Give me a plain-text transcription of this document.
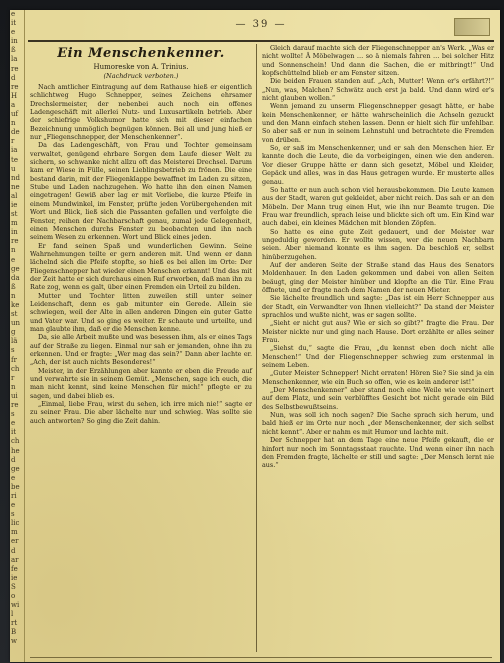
e
it
e
in
ß
la
re
d
re
H
a
uf
n
de
r
ia
te
u
nd
ne
al
ie
st
m
in
re
n
e
ge
da
ß
n
ke
st
un
g
lä
s
fr
ch
r
n
ui
re
s
e
it
ch
he
d
ge
e
be
ri
e
s
lic
m
er
d
ar
fe
ie
S
o
wi
l
rt
B
w
— 39 —
Ein Menschenkenner.
Humoreske von A. Trinius.
(Nachdruck verboten.)

Nach amtlicher Eintragung auf dem Rathause hieß er eigentlich schlichtweg Hugo Schnepper, seines Zeichens ehrsamer Drechslermeister, der nebenbei auch noch ein offenes Ladengeschäft mit allerlei Nutz- und Luxusartikeln betrieb. Aber der schiefrige Volkshumor hatte sich mit dieser einfachen Bezeichnung unmöglich begnügen können. Bei all und jung hieß er nur „Fliegenschnepper, der Menschenkenner“.

Da das Ladengeschäft, von Frau und Tochter gemeinsam verwaltet, genügend ehrbare Sorgen dem Laufe dieser Welt zu sichern, so schwanke nicht allzu oft das Meisterei Drechsel. Darum kam er Wiese in Fülle, seinen Lieblingsbetrieb zu frönen. Die eine bestand darin, mit der Fliegenklappe bewaffnet im Laden zu sitzen, Stube und Laden nachzugehen. Wo hatte ihn den einen Namen eingetragen! Gewiß aber lag er mit Vorliebe, die kurze Pfeife in einem Mundwinkel, im Fenster, prüfte jeden Vorübergehenden mit Wort und Blick, ließ sich die Passanten gefallen und verfolgte die Fenster, reihen der Nachbarschaft genau, zumal jede Gelegenheit, einen Menschen durchs Fenster zu beobachten und ihn nach seinem Wesen zu erkennen. Wort und Blick eines jeden.

Er fand seinen Spaß und wunderlichen Gewinn. Seine Wahrnehmungen teilte er gern anderen mit. Und wenn er dann lächelnd sich die Pfeife stopfte, so hieß es bei allen im Orte: Der Fliegenschnepper hat wieder einen Menschen erkannt! Und das mit der Zeit hatte er sich durchaus einen Ruf erworben, daß man ihn zu Rate zog, wenn es galt, über einen Fremden ein Urteil zu bilden.

Mutter und Tochter litten zuweilen still unter seiner Leidenschaft, denn es gab mitunter ein Gerede. Allein sie schwiegen, weil der Alte in allen anderen Dingen ein guter Gatte und Vater war. Und so ging es weiter. Er schaute und urteilte, und man glaubte ihm, daß er die Menschen kenne.

Da, sie alle Arbeit mußte und was besessen ihm, als er eines Tags auf der Straße zu liegen. Einmal nur sah er jemanden, ohne ihn zu erkennen. Und er fragte: „Wer mag das sein?“ Dann aber lachte er. „Ach, der ist auch nichts Besonderes!“

Meister, in der Erzählungen aber kannte er eben die Freude auf und verwahrte sie in seinem Gemüt. „Menschen, sage ich euch, die man nicht kennt, sind keine Menschen für mich!“ pflegte er zu sagen, und dabei blieb es.

„Einmal, liebe Frau, wirst du sehen, ich irre mich nie!“ sagte er zu seiner Frau. Die aber lächelte nur und schwieg. Was sollte sie auch antworten? So ging die Zeit dahin.

Gleich darauf machte sich der Fliegenschnepper an's Werk. „Was er nicht wollte! Ä Möbelwagen … so ä niemals fahren … bei solcher Hitz und Sonnenschein! Und dann die Sachen, die er mitbringt!“ Und kopfschüttelnd blieb er am Fenster sitzen.

Die beiden Frauen standen auf. „Ach, Mutter! Wenn er's erfährt?!“ „Nun, was, Malchen? Schwätz auch erst ja bald. Und dann wird er's nicht glauben wollen.“

Wenn jemand zu unserm Fliegenschnepper gesagt hätte, er habe kein Menschenkenner, er hätte wahrscheinlich die Achseln gezuckt und den Mann einfach stehen lassen. Denn er hielt sich für unfehlbar. So aber saß er nun in seinem Lehnstuhl und betrachtete die Fremden von drüben.

So, er saß im Menschenkenner, und er sah den Menschen hier. Er kannte doch die Leute, die da vorbeigingen, einen wie den anderen. Vor dieser Gruppe hätte er dann sich gesetzt, Möbel und Kleider, Gepäck und alles, was in das Haus getragen wurde. Er musterte alles genau.

So hatte er nun auch schon viel herausbekommen. Die Leute kamen aus der Stadt, waren gut gekleidet, aber nicht reich. Das sah er an den Möbeln. Der Mann trug einen Hut, wie ihn nur Beamte trugen. Die Frau war freundlich, sprach leise und blickte sich oft um. Ein Kind war auch dabei, ein kleines Mädchen mit blonden Zöpfen.

So hatte es eine gute Zeit gedauert, und der Meister war ungeduldig geworden. Er wollte wissen, wer die neuen Nachbarn seien. Aber niemand konnte es ihm sagen. Da beschloß er, selbst hinüberzugehen.

Auf der anderen Seite der Straße stand das Haus des Senators Moldenhauer. In den Laden gekommen und dabei von allen Seiten beäugt, ging der Meister hinüber und klopfte an die Tür. Eine Frau öffnete, und er fragte nach dem Namen der neuen Mieter.

Sie lächelte freundlich und sagte: „Das ist ein Herr Schnepper aus der Stadt, ein Verwandter von Ihnen vielleicht?“ Da stand der Meister sprachlos und wußte nicht, was er sagen sollte.

„Sieht er nicht gut aus? Wie er sich so gibt?“ fragte die Frau. Der Meister nickte nur und ging nach Hause. Dort erzählte er alles seiner Frau.

„Siehst du,“ sagte die Frau, „du kennst eben doch nicht alle Menschen!“ Und der Fliegenschnepper schwieg zum erstenmal in seinem Leben.

„Guter Meister Schnepper! Nicht erraten! Hören Sie? Sie sind ja ein Menschenkenner, wie ein Buch so offen, wie es kein anderer ist!“

„Der Menschenkenner“ aber stand noch eine Weile wie versteinert auf dem Platz, und sein verblüfftes Gesicht bot nicht gerade ein Bild des Selbstbewußtseins.

Nun, was soll ich noch sagen? Die Sache sprach sich herum, und bald hieß er im Orte nur noch „der Menschenkenner, der sich selbst nicht kennt“. Aber er nahm es mit Humor und lachte mit.

Der Schnepper hat an dem Tage eine neue Pfeife gekauft, die er hinfort nur noch im Sonntagsstaat rauchte. Und wenn einer ihn nach den Fremden fragte, lächelte er still und sagte: „Der Mensch lernt nie aus.“
